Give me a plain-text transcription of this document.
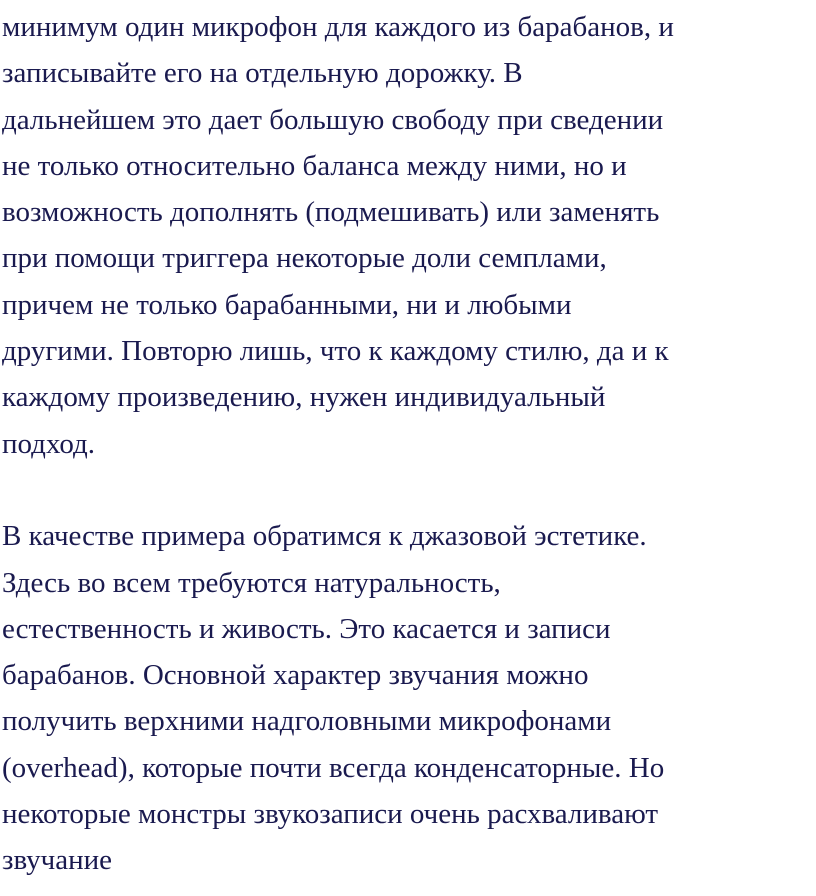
минимум один микрофон для каждого из барабанов, и
записывайте его на отдельную дорожку. В
дальнейшем это дает большую свободу при сведении
не только относительно баланса между ними, но и
возможность дополнять (подмешивать) или заменять
при помощи триггера некоторые доли семплами,
причем не только барабанными, ни и любыми
другими. Повторю лишь, что к каждому стилю, да и к
каждому произведению, нужен индивидуальный
подход.
В качестве примера обратимся к джазовой эстетике.
Здесь во всем требуются натуральность,
естественность и живость. Это касается и записи
барабанов. Основной характер звучания можно
получить верхними надголовными микрофонами
(overhead), которые почти всегда конденсаторные. Но
некоторые монстры звукозаписи очень расхваливают
звучание
